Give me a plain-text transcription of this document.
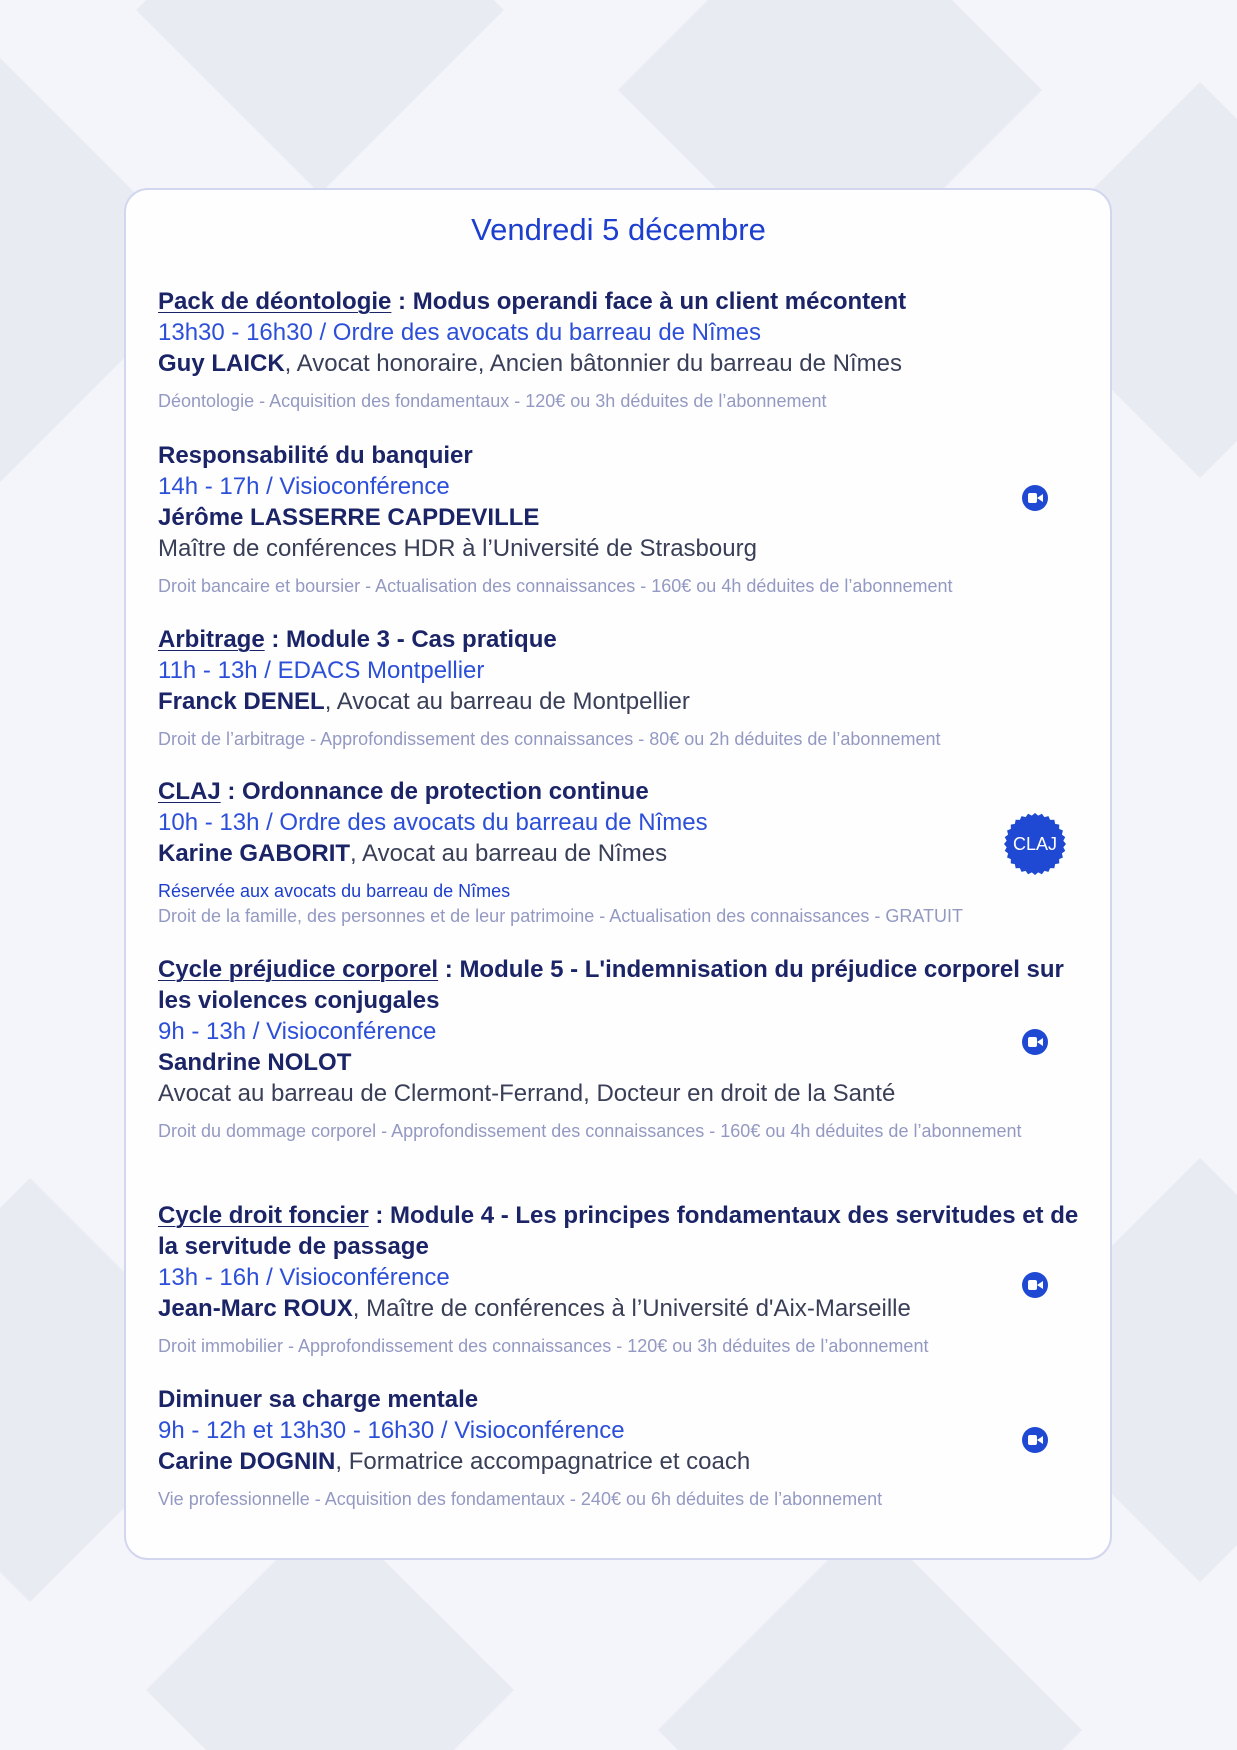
Vendredi 5 décembre
Pack de déontologie : Modus operandi face à un client mécontent
13h30 - 16h30 / Ordre des avocats du barreau de Nîmes
Guy LAICK, Avocat honoraire, Ancien bâtonnier du barreau de Nîmes
Déontologie - Acquisition des fondamentaux - 120€ ou 3h déduites de l’abonnement
Responsabilité du banquier
14h - 17h / Visioconférence
Jérôme LASSERRE CAPDEVILLE
Maître de conférences HDR à l’Université de Strasbourg
Droit bancaire et boursier - Actualisation des connaissances - 160€ ou 4h déduites de l’abonnement
Arbitrage : Module 3 - Cas pratique
11h - 13h / EDACS Montpellier
Franck DENEL, Avocat au barreau de Montpellier
Droit de l’arbitrage - Approfondissement des connaissances - 80€ ou 2h déduites de l’abonnement
CLAJ : Ordonnance de protection continue
10h - 13h / Ordre des avocats du barreau de Nîmes
Karine GABORIT, Avocat au barreau de Nîmes
Réservée aux avocats du barreau de Nîmes
Droit de la famille, des personnes et de leur patrimoine - Actualisation des connaissances - GRATUIT
CLAJ
Cycle préjudice corporel : Module 5 - L'indemnisation du préjudice corporel sur les violences conjugales
9h - 13h / Visioconférence
Sandrine NOLOT
Avocat au barreau de Clermont-Ferrand, Docteur en droit de la Santé
Droit du dommage corporel - Approfondissement des connaissances - 160€ ou 4h déduites de l’abonnement
Cycle droit foncier : Module 4 - Les principes fondamentaux des servitudes et de la servitude de passage
13h - 16h / Visioconférence
Jean-Marc ROUX, Maître de conférences à l’Université d'Aix-Marseille
Droit immobilier - Approfondissement des connaissances - 120€ ou 3h déduites de l’abonnement
Diminuer sa charge mentale
9h - 12h et 13h30 - 16h30 / Visioconférence
Carine DOGNIN, Formatrice accompagnatrice et coach
Vie professionnelle - Acquisition des fondamentaux - 240€ ou 6h déduites de l’abonnement
